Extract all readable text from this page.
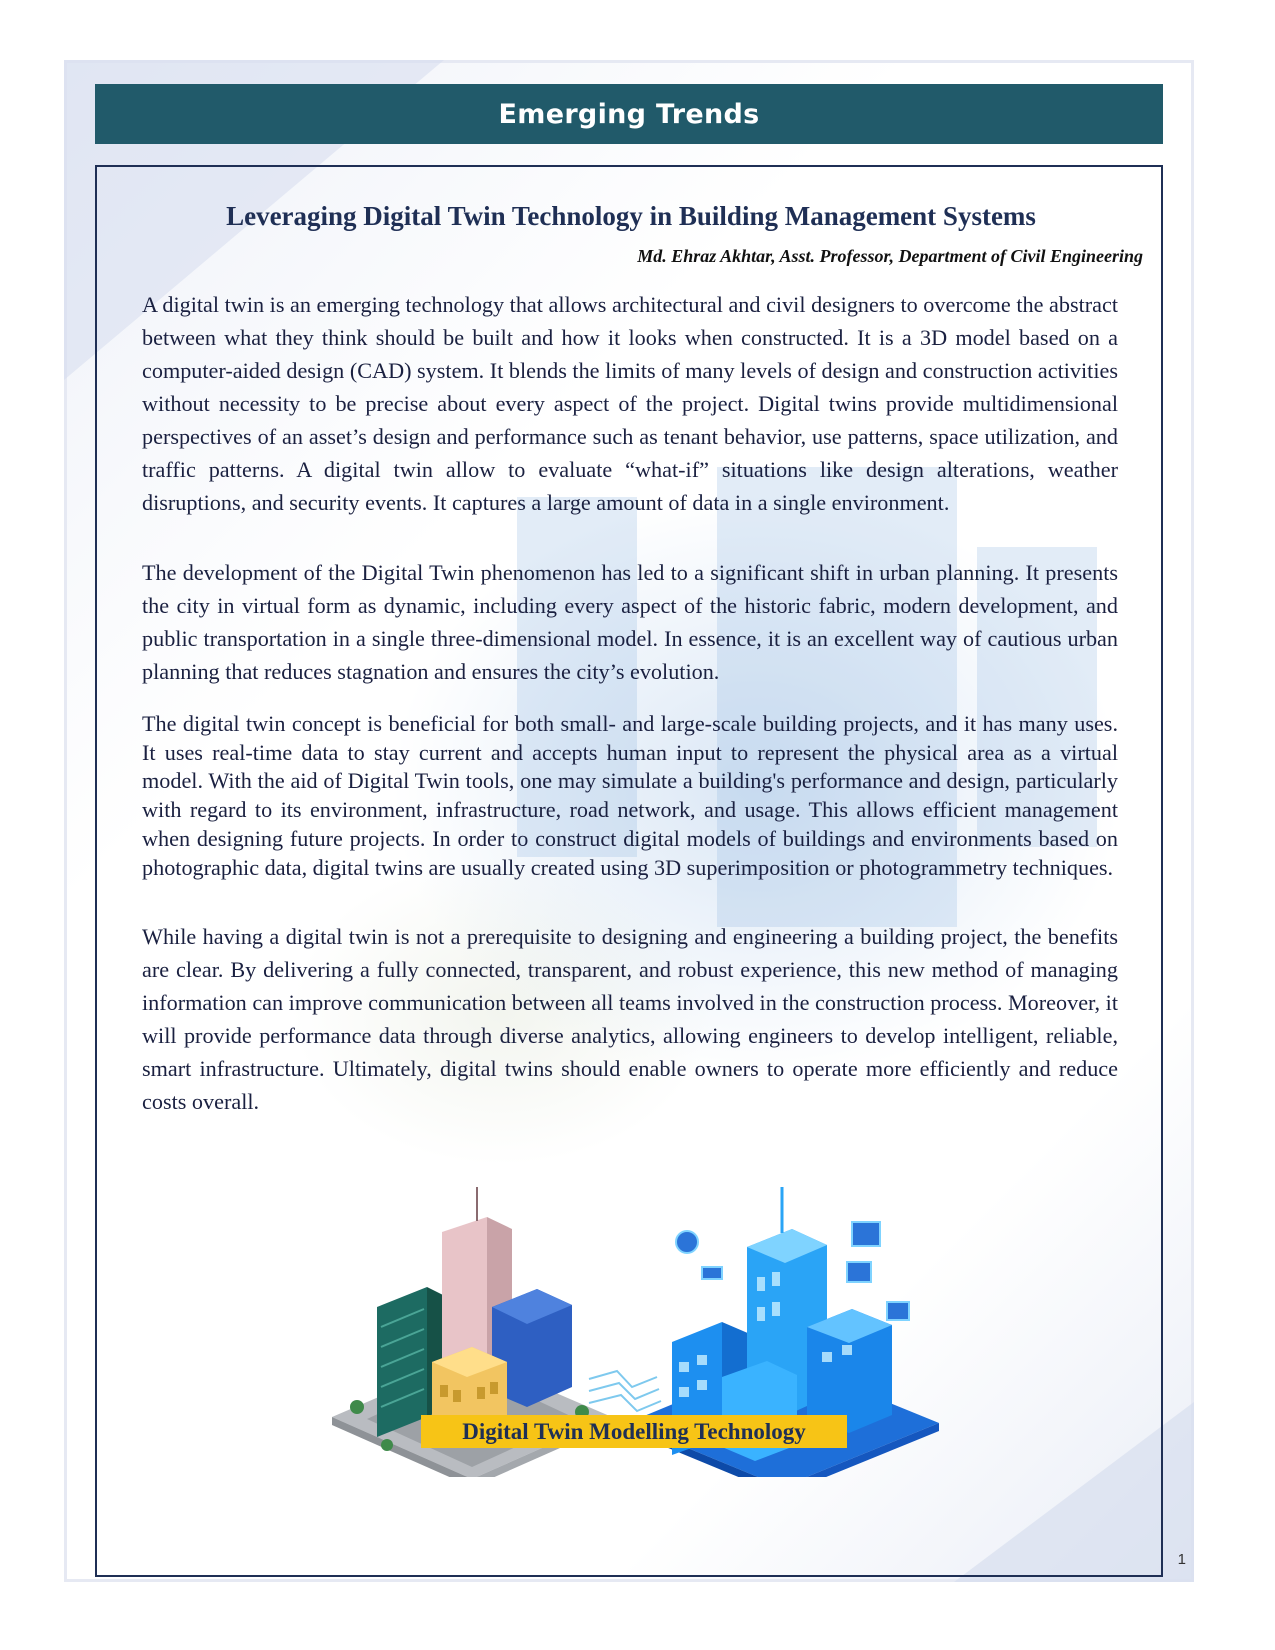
Emerging Trends
Leveraging Digital Twin Technology in Building Management Systems
Md. Ehraz Akhtar, Asst. Professor, Department of Civil Engineering

A digital twin is an emerging technology that allows architectural and civil designers to overcome the abstract between what they think should be built and how it looks when constructed. It is a 3D model based on a computer-aided design (CAD) system. It blends the limits of many levels of design and construction activities without necessity to be precise about every aspect of the project. Digital twins provide multidimensional perspectives of an asset’s design and performance such as tenant behavior, use patterns, space utilization, and traffic patterns. A digital twin allow to evaluate “what-if” situations like design alterations, weather disruptions, and security events. It captures a large amount of data in a single environment.

The development of the Digital Twin phenomenon has led to a significant shift in urban planning. It presents the city in virtual form as dynamic, including every aspect of the historic fabric, modern development, and public transportation in a single three-dimensional model. In essence, it is an excellent way of cautious urban planning that reduces stagnation and ensures the city’s evolution.

The digital twin concept is beneficial for both small- and large-scale building projects, and it has many uses. It uses real-time data to stay current and accepts human input to represent the physical area as a virtual model. With the aid of Digital Twin tools, one may simulate a building's performance and design, particularly with regard to its environment, infrastructure, road network, and usage. This allows efficient management when designing future projects. In order to construct digital models of buildings and environments based on photographic data, digital twins are usually created using 3D superimposition or photogrammetry techniques.

While having a digital twin is not a prerequisite to designing and engineering a building project, the benefits are clear. By delivering a fully connected, transparent, and robust experience, this new method of managing information can improve communication between all teams involved in the construction process. Moreover, it will provide performance data through diverse analytics, allowing engineers to develop intelligent, reliable, smart infrastructure. Ultimately, digital twins should enable owners to operate more efficiently and reduce costs overall.

Digital Twin Modelling Technology
1
